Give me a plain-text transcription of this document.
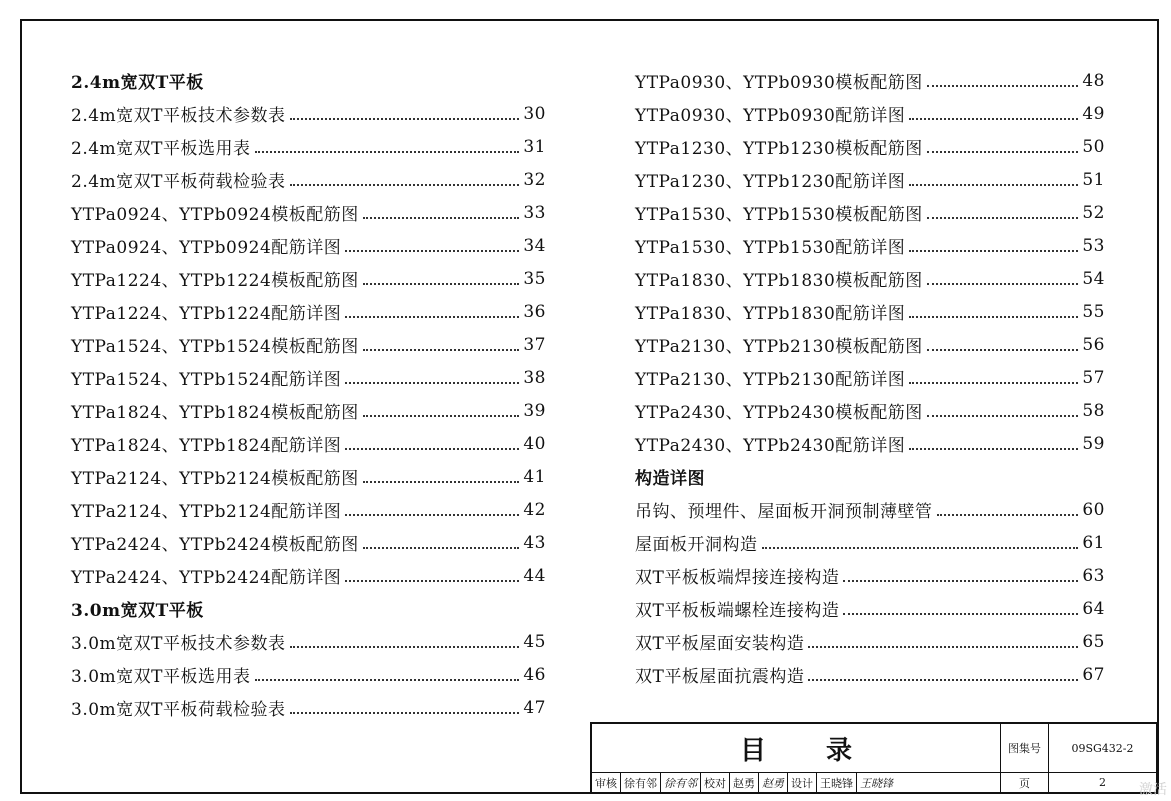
2.4m宽双T平板
2.4m宽双T平板技术参数表	30
2.4m宽双T平板选用表	31
2.4m宽双T平板荷载检验表	32
YTPa0924、YTPb0924模板配筋图	33
YTPa0924、YTPb0924配筋详图	34
YTPa1224、YTPb1224模板配筋图	35
YTPa1224、YTPb1224配筋详图	36
YTPa1524、YTPb1524模板配筋图	37
YTPa1524、YTPb1524配筋详图	38
YTPa1824、YTPb1824模板配筋图	39
YTPa1824、YTPb1824配筋详图	40
YTPa2124、YTPb2124模板配筋图	41
YTPa2124、YTPb2124配筋详图	42
YTPa2424、YTPb2424模板配筋图	43
YTPa2424、YTPb2424配筋详图	44
3.0m宽双T平板
3.0m宽双T平板技术参数表	45
3.0m宽双T平板选用表	46
3.0m宽双T平板荷载检验表	47
YTPa0930、YTPb0930模板配筋图	48
YTPa0930、YTPb0930配筋详图	49
YTPa1230、YTPb1230模板配筋图	50
YTPa1230、YTPb1230配筋详图	51
YTPa1530、YTPb1530模板配筋图	52
YTPa1530、YTPb1530配筋详图	53
YTPa1830、YTPb1830模板配筋图	54
YTPa1830、YTPb1830配筋详图	55
YTPa2130、YTPb2130模板配筋图	56
YTPa2130、YTPb2130配筋详图	57
YTPa2430、YTPb2430模板配筋图	58
YTPa2430、YTPb2430配筋详图	59
构造详图
吊钩、预埋件、屋面板开洞预制薄壁管	60
屋面板开洞构造	61
双T平板板端焊接连接构造	63
双T平板板端螺栓连接构造	64
双T平板屋面安装构造	65
双T平板屋面抗震构造	67
目录	图集号	09SG432-2
审核 徐有邻 徐有邻 校对 赵勇 赵勇 设计 王晓锋 王晓锋	页	2	激活
